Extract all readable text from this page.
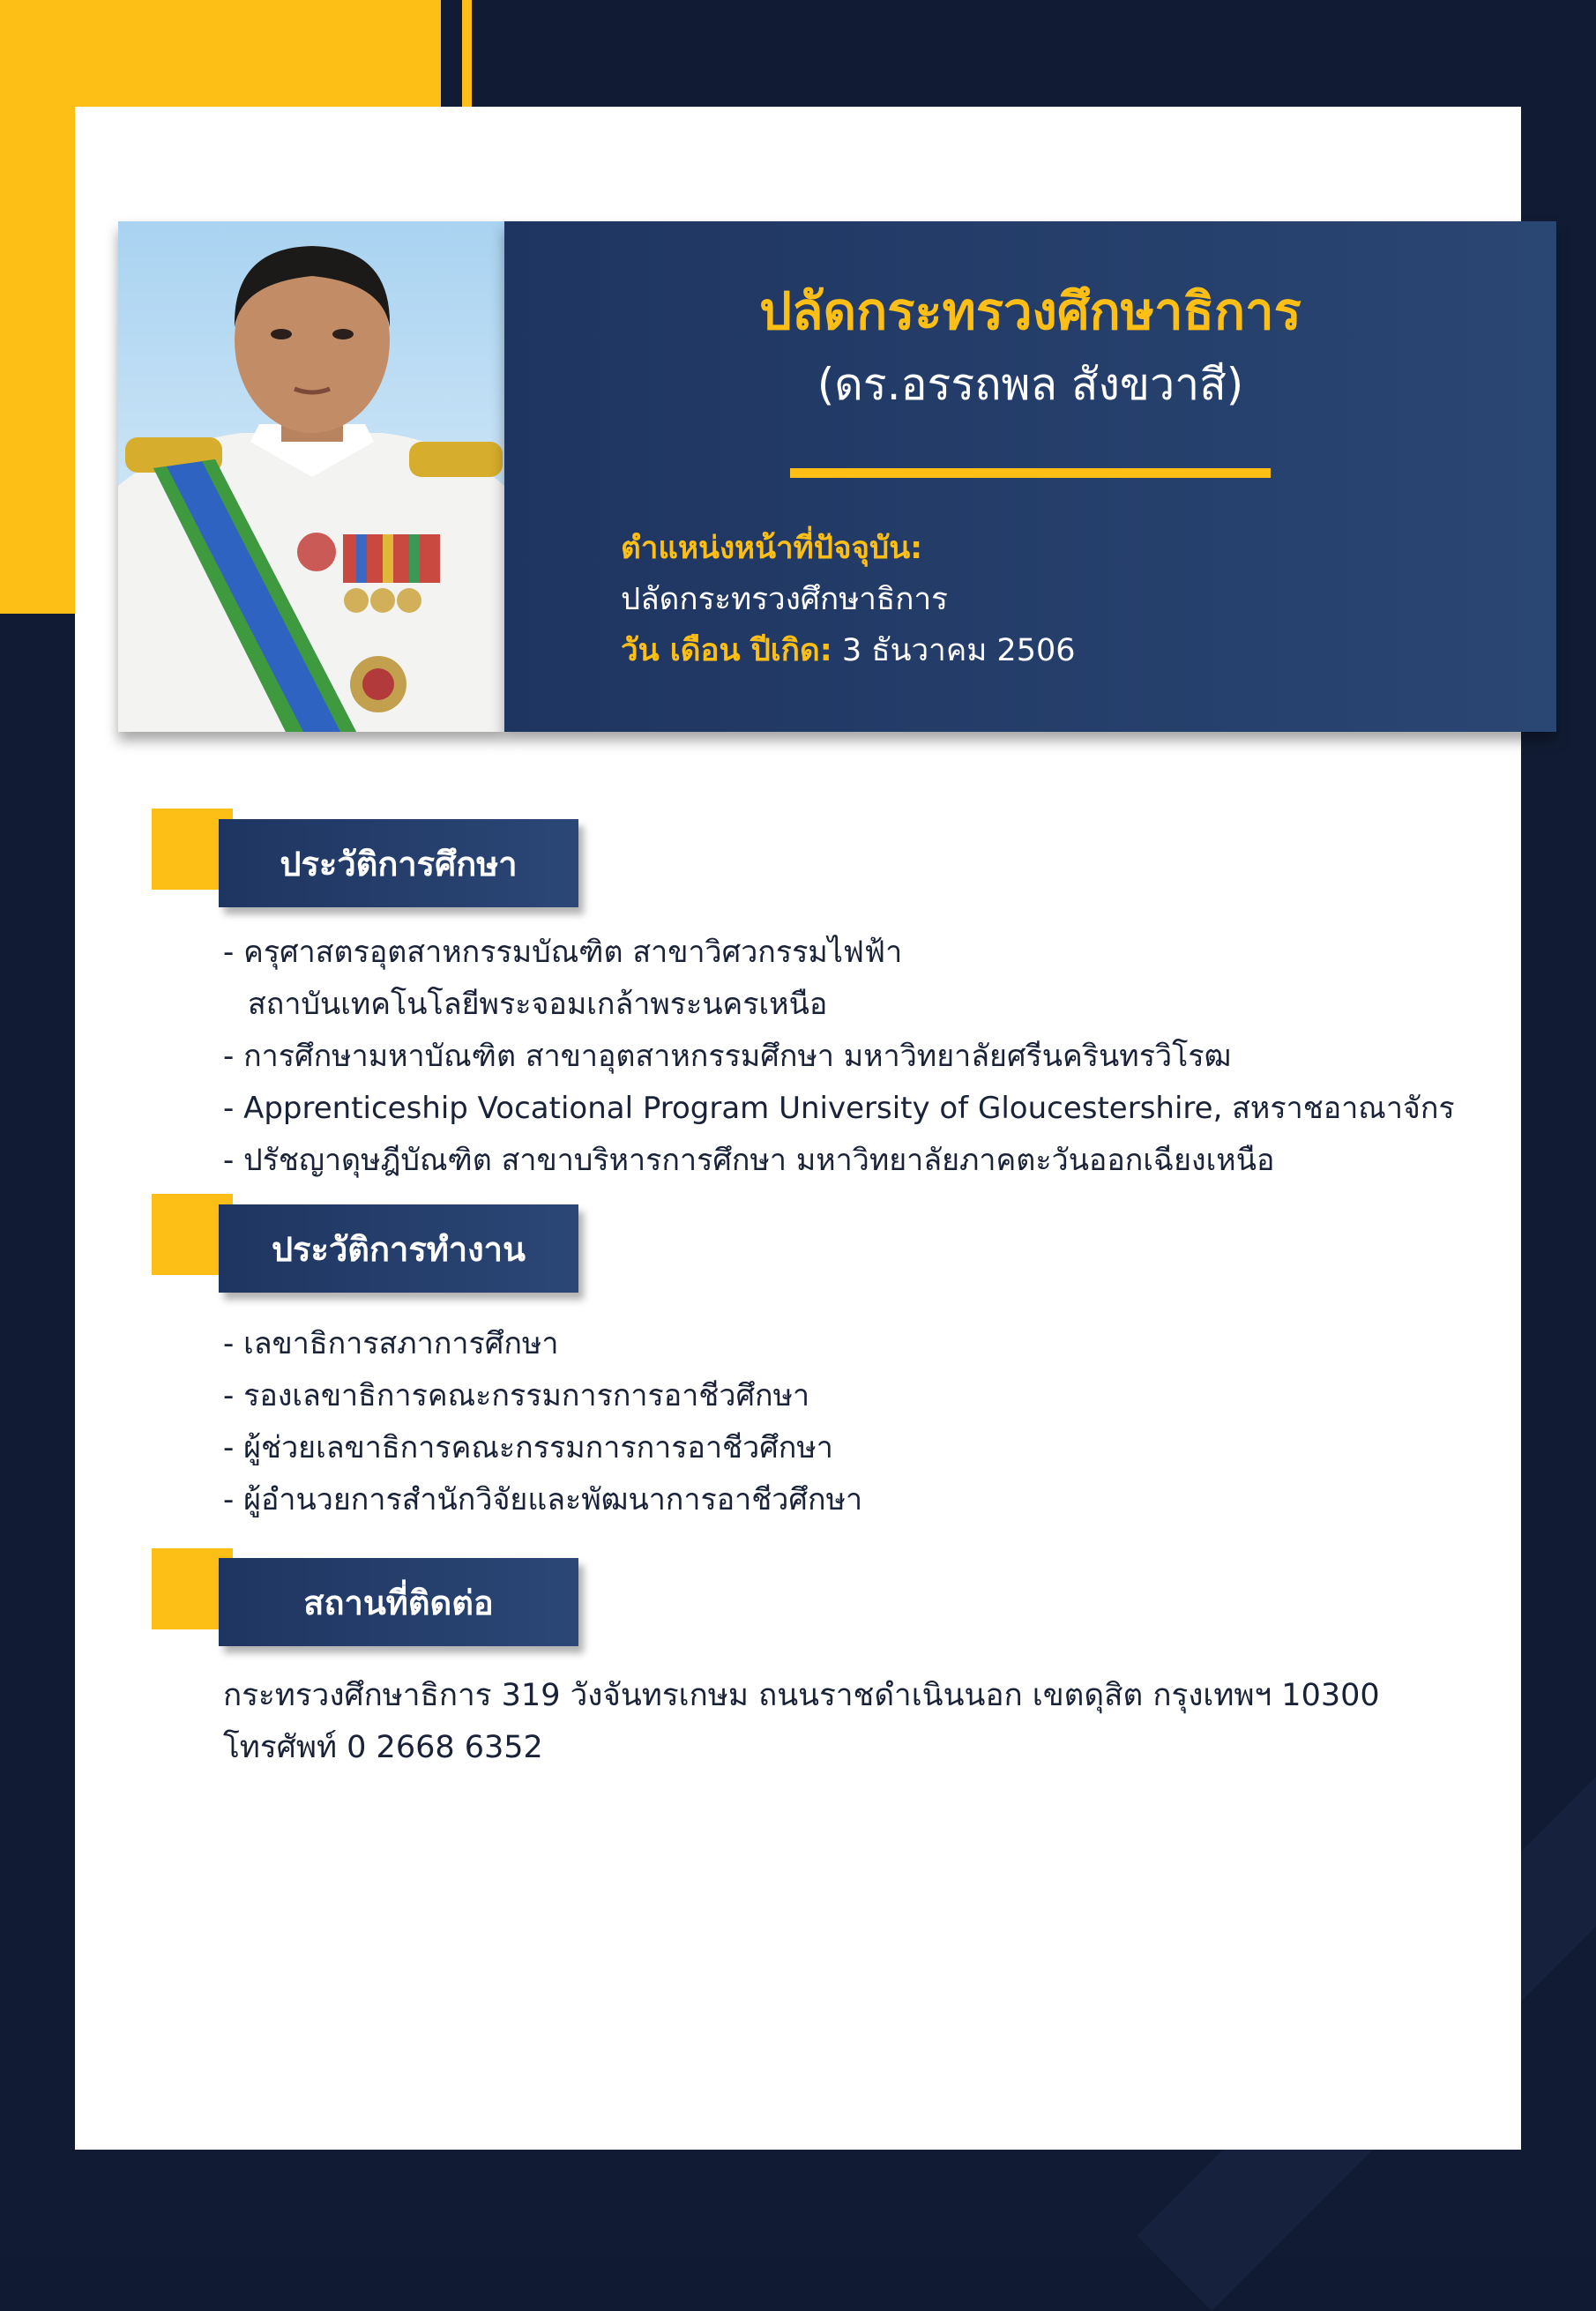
ปลัดกระทรวงศึกษาธิการ
(ดร.อรรถพล สังขวาสี)
ตำแหน่งหน้าที่ปัจจุบัน:
ปลัดกระทรวงศึกษาธิการ
วัน เดือน ปีเกิด: 3 ธันวาคม 2506
ประวัติการศึกษา
- ครุศาสตรอุตสาหกรรมบัณฑิต สาขาวิศวกรรมไฟฟ้า
สถาบันเทคโนโลยีพระจอมเกล้าพระนครเหนือ
- การศึกษามหาบัณฑิต สาขาอุตสาหกรรมศึกษา มหาวิทยาลัยศรีนครินทรวิโรฒ
- Apprenticeship Vocational Program University of Gloucestershire, สหราชอาณาจักร
- ปรัชญาดุษฎีบัณฑิต สาขาบริหารการศึกษา มหาวิทยาลัยภาคตะวันออกเฉียงเหนือ
ประวัติการทำงาน
- เลขาธิการสภาการศึกษา
- รองเลขาธิการคณะกรรมการการอาชีวศึกษา
- ผู้ช่วยเลขาธิการคณะกรรมการการอาชีวศึกษา
- ผู้อำนวยการสำนักวิจัยและพัฒนาการอาชีวศึกษา
สถานที่ติดต่อ
กระทรวงศึกษาธิการ 319 วังจันทรเกษม ถนนราชดำเนินนอก เขตดุสิต กรุงเทพฯ 10300
โทรศัพท์ 0 2668 6352
